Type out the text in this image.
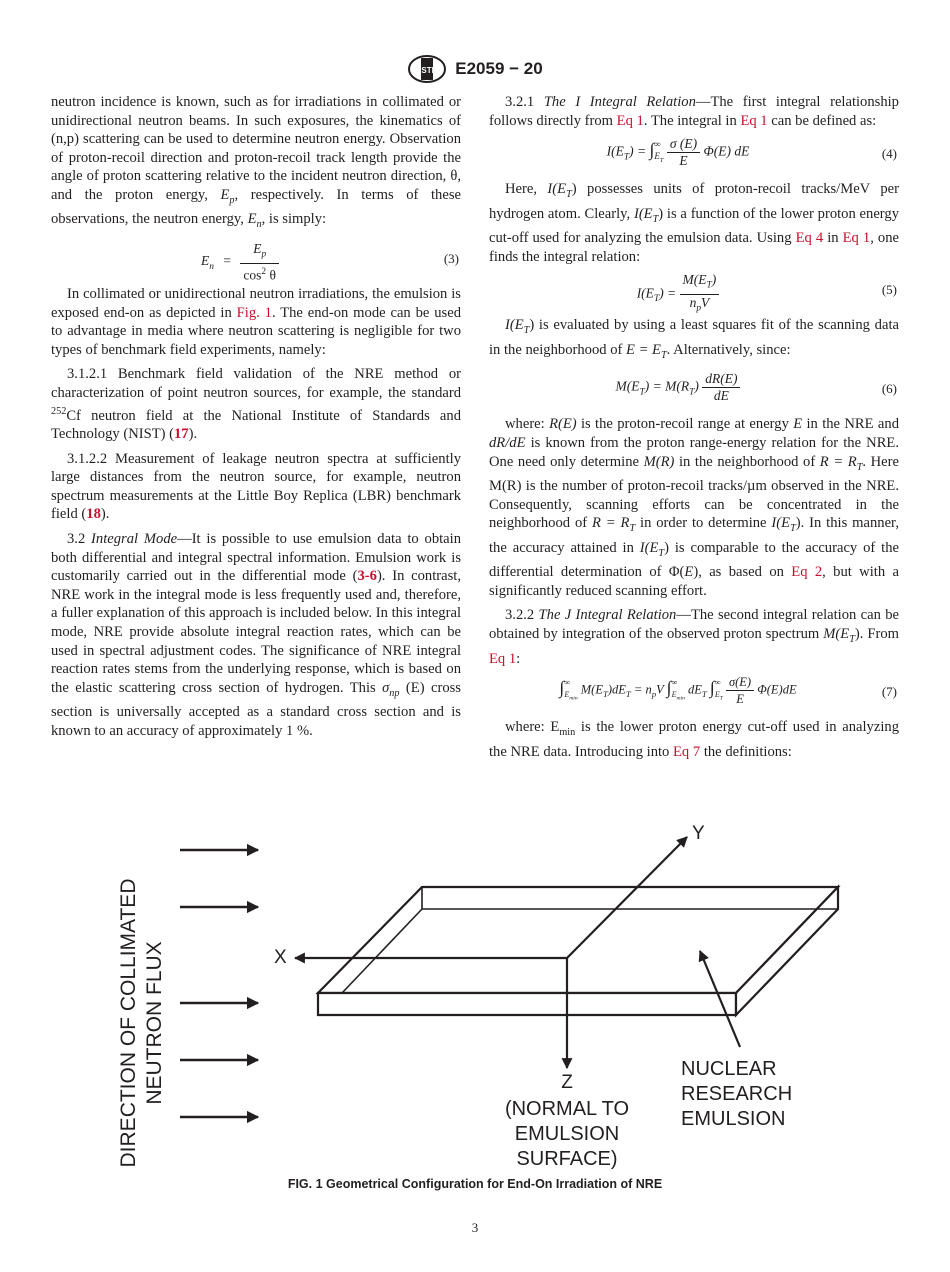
ASTM E2059 − 20

neutron incidence is known, such as for irradiations in collimated or unidirectional neutron beams. In such exposures, the kinematics of (n,p) scattering can be used to determine neutron energy. Observation of proton-recoil direction and proton-recoil track length provide the angle of proton scattering relative to the incident neutron direction, θ, and the proton energy, $E_p$, respectively. In terms of these observations, the neutron energy, $E_n$, is simply:

$E_n = \frac{E_p}{\cos^2 \theta}$	(3)

In collimated or unidirectional neutron irradiations, the emulsion is exposed end-on as depicted in Fig. 1. The end-on mode can be used to advantage in media where neutron scattering is negligible for two types of benchmark field experiments, namely:

3.1.2.1 Benchmark field validation of the NRE method or characterization of point neutron sources, for example, the standard $^{252}$Cf neutron field at the National Institute of Standards and Technology (NIST) (17).

3.1.2.2 Measurement of leakage neutron spectra at sufficiently large distances from the neutron source, for example, neutron spectrum measurements at the Little Boy Replica (LBR) benchmark field (18).

3.2 Integral Mode—It is possible to use emulsion data to obtain both differential and integral spectral information. Emulsion work is customarily carried out in the differential mode (3-6). In contrast, NRE work in the integral mode is less frequently used and, therefore, a fuller explanation of this approach is included below. In this integral mode, NRE provide absolute integral reaction rates, which can be used in spectral adjustment codes. The significance of NRE integral reaction rates stems from the underlying response, which is based on the elastic scattering cross section of hydrogen. This $\sigma_{np}$ (E) cross section is universally accepted as a standard cross section and is known to an accuracy of approximately 1 %.

3.2.1 The I Integral Relation—The first integral relationship follows directly from Eq 1. The integral in Eq 1 can be defined as:

$I(E_T)$ = ∫∞
$E_T \frac{\sigma (E)}{E} \Phi(E)$ dE	(4)

Here, $I(E_T)$ possesses units of proton-recoil tracks/MeV per hydrogen atom. Clearly, $I(E_T)$ is a function of the lower proton energy cut-off used for analyzing the emulsion data. Using Eq 4 in Eq 1, one finds the integral relation:

$I(E_T) = \frac{M(E_T)}{n_pV}$	(5)

$I(E_T)$ is evaluated by using a least squares fit of the scanning data in the neighborhood of $E = E_T$. Alternatively, since:

$M(E_T) = M(R_T) \frac{dR(E)}{dE}$	(6)

where: R(E) is the proton-recoil range at energy E in the NRE and dR/dE is known from the proton range-energy relation for the NRE. One need only determine M(R) in the neighborhood of $R = R_T$. Here M(R) is the number of proton-recoil tracks/µm observed in the NRE. Consequently, scanning efforts can be concentrated in the neighborhood of $R = R_T$ in order to determine $I(E_T)$. In this manner, the accuracy attained in $I(E_T)$ is comparable to the accuracy of the differential determination of Φ(E), as based on Eq 2, but with a significantly reduced scanning effort.

3.2.2 The J Integral Relation—The second integral relation can be obtained by integration of the observed proton spectrum $M(E_T)$. From Eq 1:

∫∞
$E_{min}$ $M(E_T)dE_T = n_pV$ ∫∞
$E_{min}$ $dE_T$ ∫∞
$E_T \frac{\sigma(E)}{E} \Phi(E)dE$	(7)

where: $E_{min}$ is the lower proton energy cut-off used in analyzing the NRE data. Introducing into Eq 7 the definitions:

DIRECTION OF COLLIMATED NEUTRON FLUX
Y
X
Z
(NORMAL TO
EMULSION
SURFACE)
NUCLEAR
RESEARCH
EMULSION
FIG. 1 Geometrical Configuration for End-On Irradiation of NRE
3
